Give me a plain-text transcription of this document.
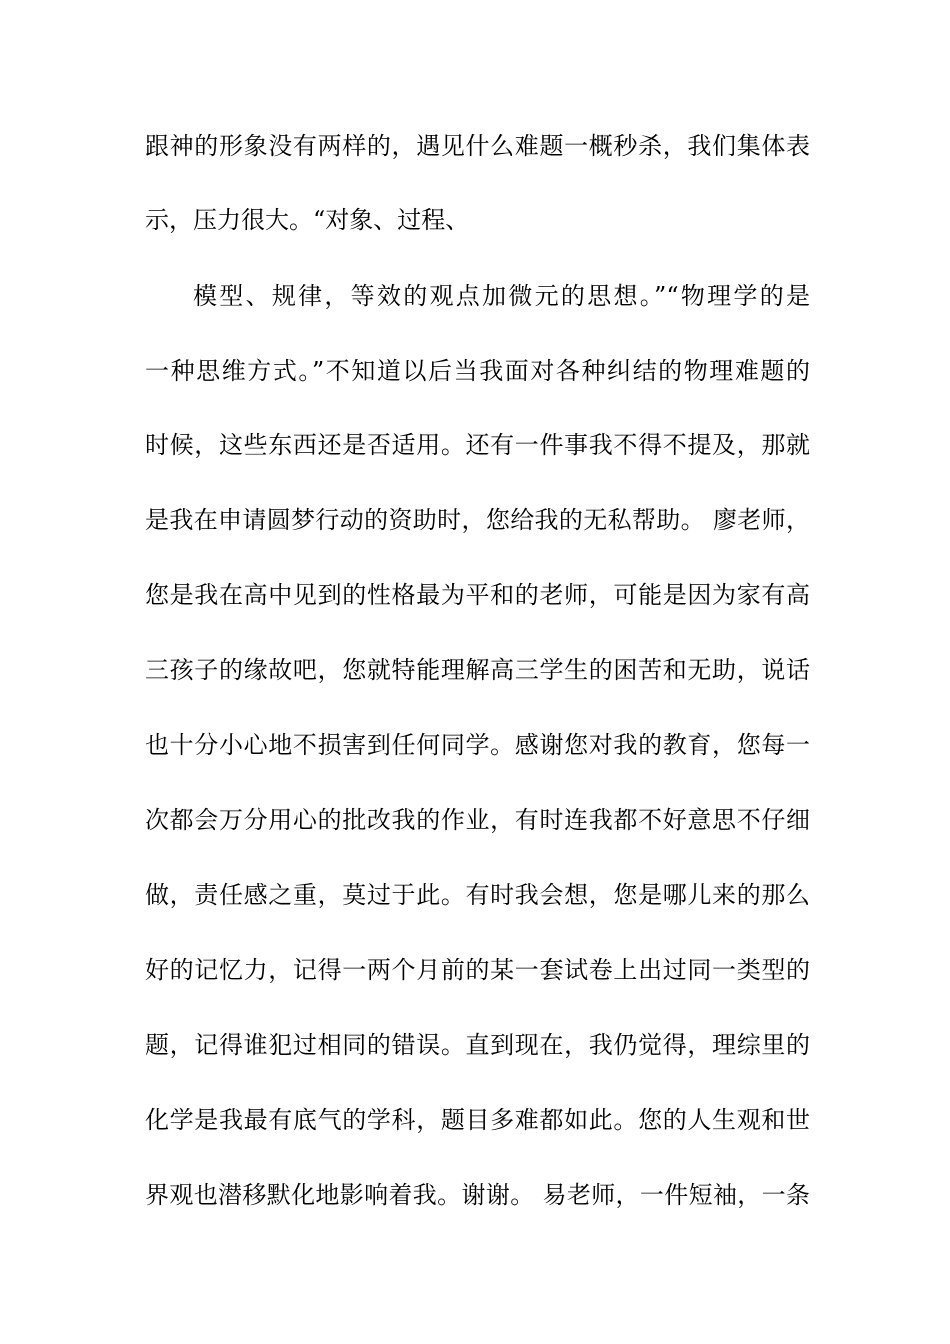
跟神的形象没有两样的，遇见什么难题一概秒杀，我们集体表
示，压力很大。“对象、过程、
模型、规律，等效的观点加微元的思想。”“物理学的是
一种思维方式。”不知道以后当我面对各种纠结的物理难题的
时候，这些东西还是否适用。还有一件事我不得不提及，那就
是我在申请圆梦行动的资助时，您给我的无私帮助。 廖老师，
您是我在高中见到的性格最为平和的老师，可能是因为家有高
三孩子的缘故吧，您就特能理解高三学生的困苦和无助，说话
也十分小心地不损害到任何同学。感谢您对我的教育，您每一
次都会万分用心的批改我的作业，有时连我都不好意思不仔细
做，责任感之重，莫过于此。有时我会想，您是哪儿来的那么
好的记忆力，记得一两个月前的某一套试卷上出过同一类型的
题，记得谁犯过相同的错误。直到现在，我仍觉得，理综里的
化学是我最有底气的学科，题目多难都如此。您的人生观和世
界观也潜移默化地影响着我。谢谢。 易老师，一件短袖，一条
